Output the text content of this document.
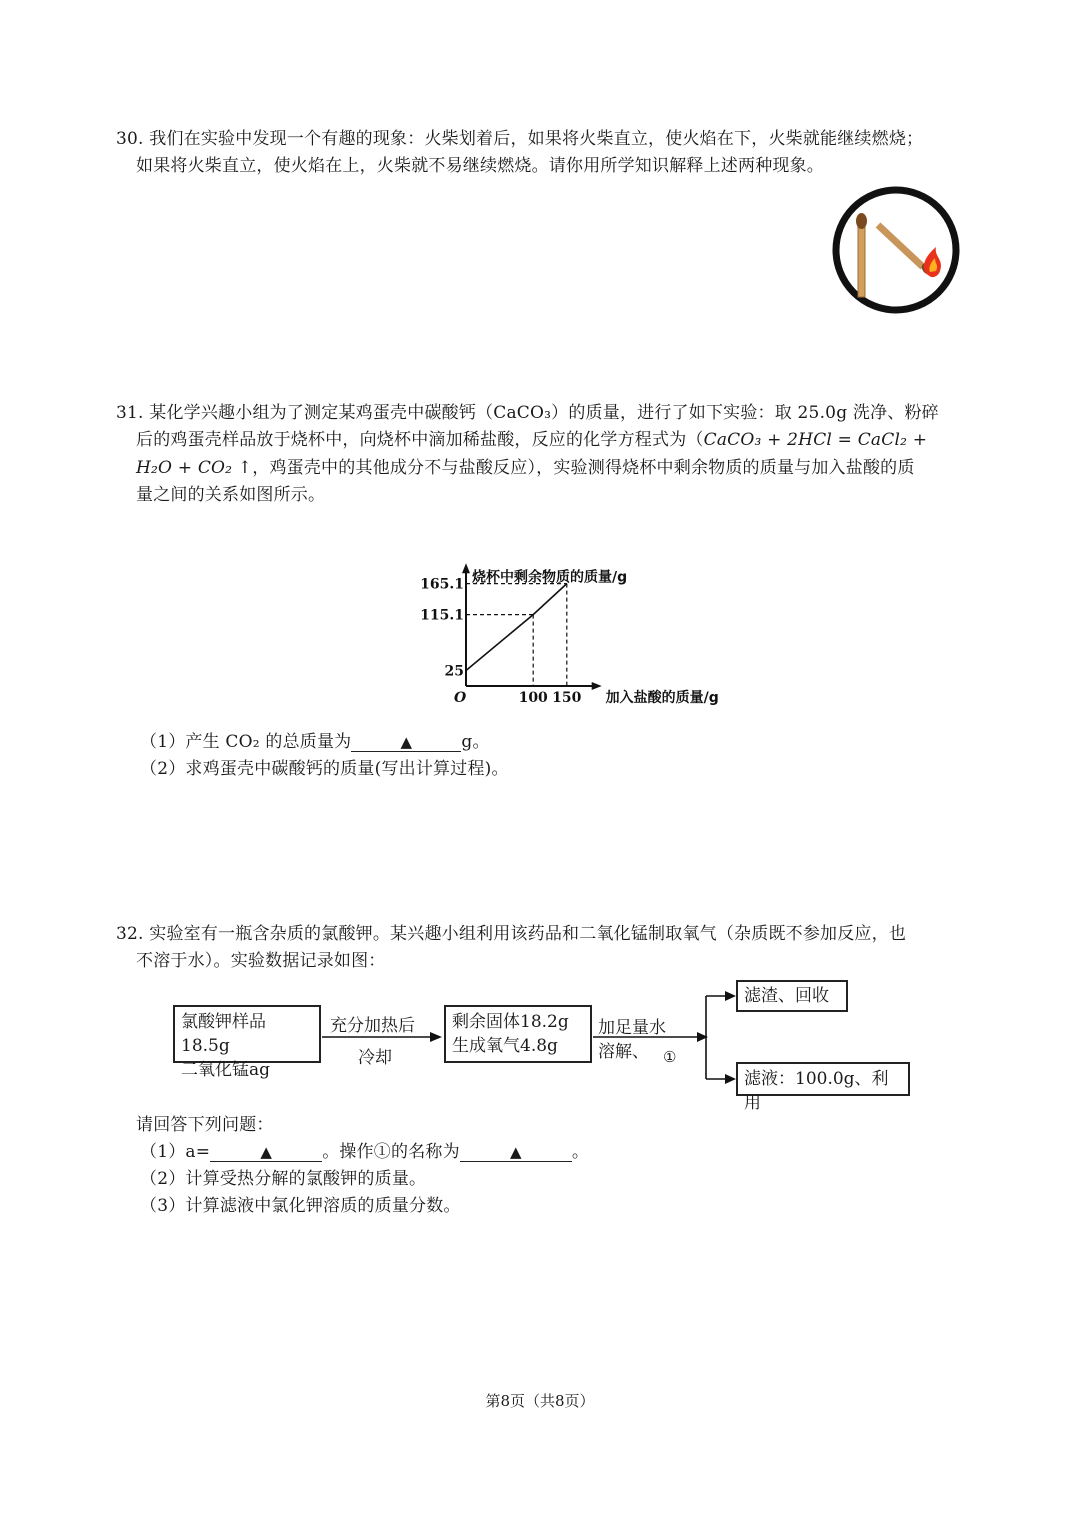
30. 我们在实验中发现一个有趣的现象：火柴划着后，如果将火柴直立，使火焰在下，火柴就能继续燃烧；
如果将火柴直立，使火焰在上，火柴就不易继续燃烧。请你用所学知识解释上述两种现象。
31. 某化学兴趣小组为了测定某鸡蛋壳中碳酸钙（CaCO₃）的质量，进行了如下实验：取 25.0g 洗净、粉碎
后的鸡蛋壳样品放于烧杯中，向烧杯中滴加稀盐酸，反应的化学方程式为（CaCO₃ + 2HCl = CaCl₂ +
H₂O + CO₂ ↑，鸡蛋壳中的其他成分不与盐酸反应），实验测得烧杯中剩余物质的质量与加入盐酸的质
量之间的关系如图所示。
烧杯中剩余物质的质量/g
加入盐酸的质量/g
O
25
115.1
165.1
100 150
（1）产生 CO₂ 的总质量为	▲	g。
（2）求鸡蛋壳中碳酸钙的质量(写出计算过程)。
32. 实验室有一瓶含杂质的氯酸钾。某兴趣小组利用该药品和二氧化锰制取氧气（杂质既不参加反应，也
不溶于水）。实验数据记录如图：
氯酸钾样品18.5g
二氧化锰ag
充分加热后
冷却
剩余固体18.2g
生成氧气4.8g
加足量水
溶解、 ①
滤渣、回收
滤液：100.0g、利用
请回答下列问题：
（1）a=	▲	。操作①的名称为	▲	。
（2）计算受热分解的氯酸钾的质量。
（3）计算滤液中氯化钾溶质的质量分数。
第8页（共8页）
